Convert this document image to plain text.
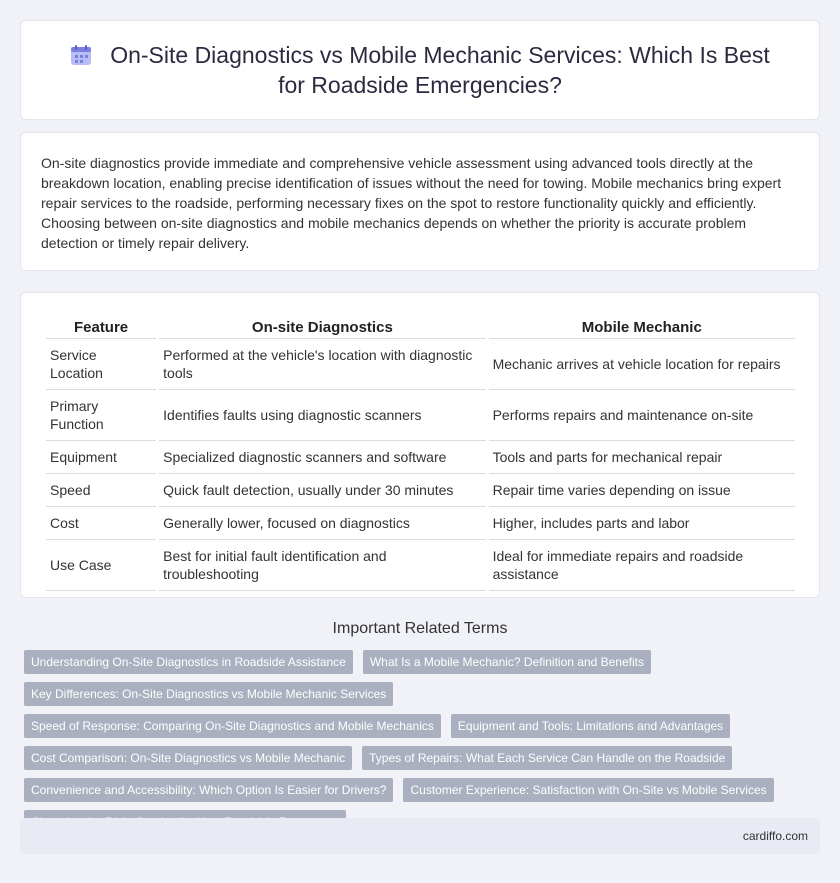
On-Site Diagnostics vs Mobile Mechanic Services: Which Is Best for Roadside Emergencies?

On-site diagnostics provide immediate and comprehensive vehicle assessment using advanced tools directly at the breakdown location, enabling precise identification of issues without the need for towing. Mobile mechanics bring expert repair services to the roadside, performing necessary fixes on the spot to restore functionality quickly and efficiently. Choosing between on-site diagnostics and mobile mechanics depends on whether the priority is accurate problem detection or timely repair delivery.

Feature	On-site Diagnostics	Mobile Mechanic
Service Location	Performed at the vehicle's location with diagnostic tools	Mechanic arrives at vehicle location for repairs
Primary Function	Identifies faults using diagnostic scanners	Performs repairs and maintenance on-site
Equipment	Specialized diagnostic scanners and software	Tools and parts for mechanical repair
Speed	Quick fault detection, usually under 30 minutes	Repair time varies depending on issue
Cost	Generally lower, focused on diagnostics	Higher, includes parts and labor
Use Case	Best for initial fault identification and troubleshooting	Ideal for immediate repairs and roadside assistance
Important Related Terms
Understanding On-Site Diagnostics in Roadside Assistance	What Is a Mobile Mechanic? Definition and Benefits
Key Differences: On-Site Diagnostics vs Mobile Mechanic Services
Speed of Response: Comparing On-Site Diagnostics and Mobile Mechanics	Equipment and Tools: Limitations and Advantages
Cost Comparison: On-Site Diagnostics vs Mobile Mechanic	Types of Repairs: What Each Service Can Handle on the Roadside
Convenience and Accessibility: Which Option Is Easier for Drivers?	Customer Experience: Satisfaction with On-Site vs Mobile Services
cardiffo.com
